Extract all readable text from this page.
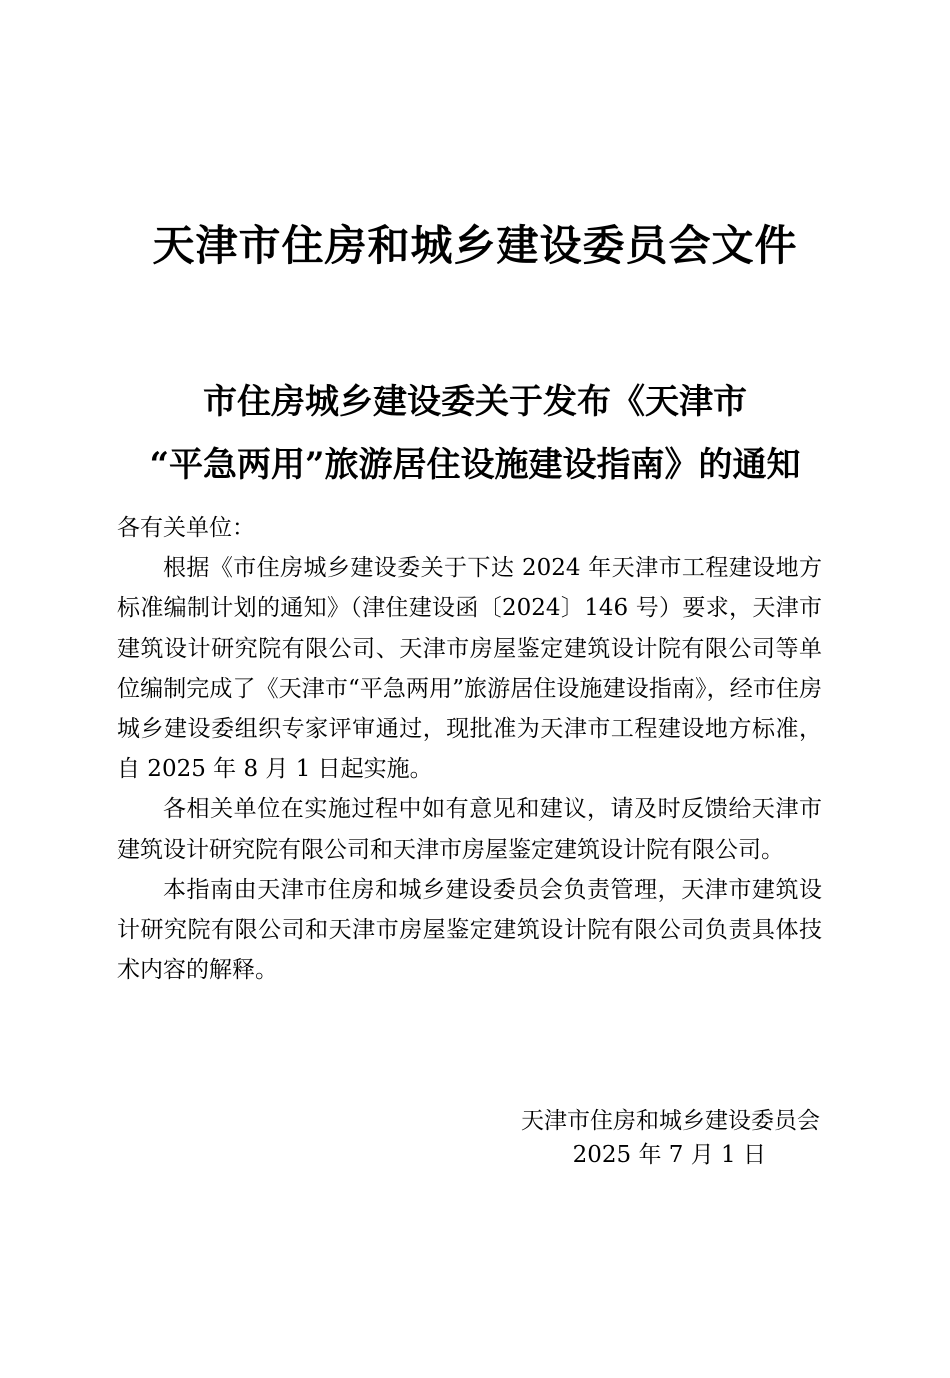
天津市住房和城乡建设委员会文件
市住房城乡建设委关于发布《天津市
“平急两用”旅游居住设施建设指南》的通知

各有关单位：

根据《市住房城乡建设委关于下达 2024 年天津市工程建设地方标准编制计划的通知》（津住建设函〔2024〕146 号）要求，天津市建筑设计研究院有限公司、天津市房屋鉴定建筑设计院有限公司等单位编制完成了《天津市“平急两用”旅游居住设施建设指南》，经市住房城乡建设委组织专家评审通过，现批准为天津市工程建设地方标准，自 2025 年 8 月 1 日起实施。

各相关单位在实施过程中如有意见和建议，请及时反馈给天津市建筑设计研究院有限公司和天津市房屋鉴定建筑设计院有限公司。

本指南由天津市住房和城乡建设委员会负责管理，天津市建筑设计研究院有限公司和天津市房屋鉴定建筑设计院有限公司负责具体技术内容的解释。

天津市住房和城乡建设委员会
2025 年 7 月 1 日
